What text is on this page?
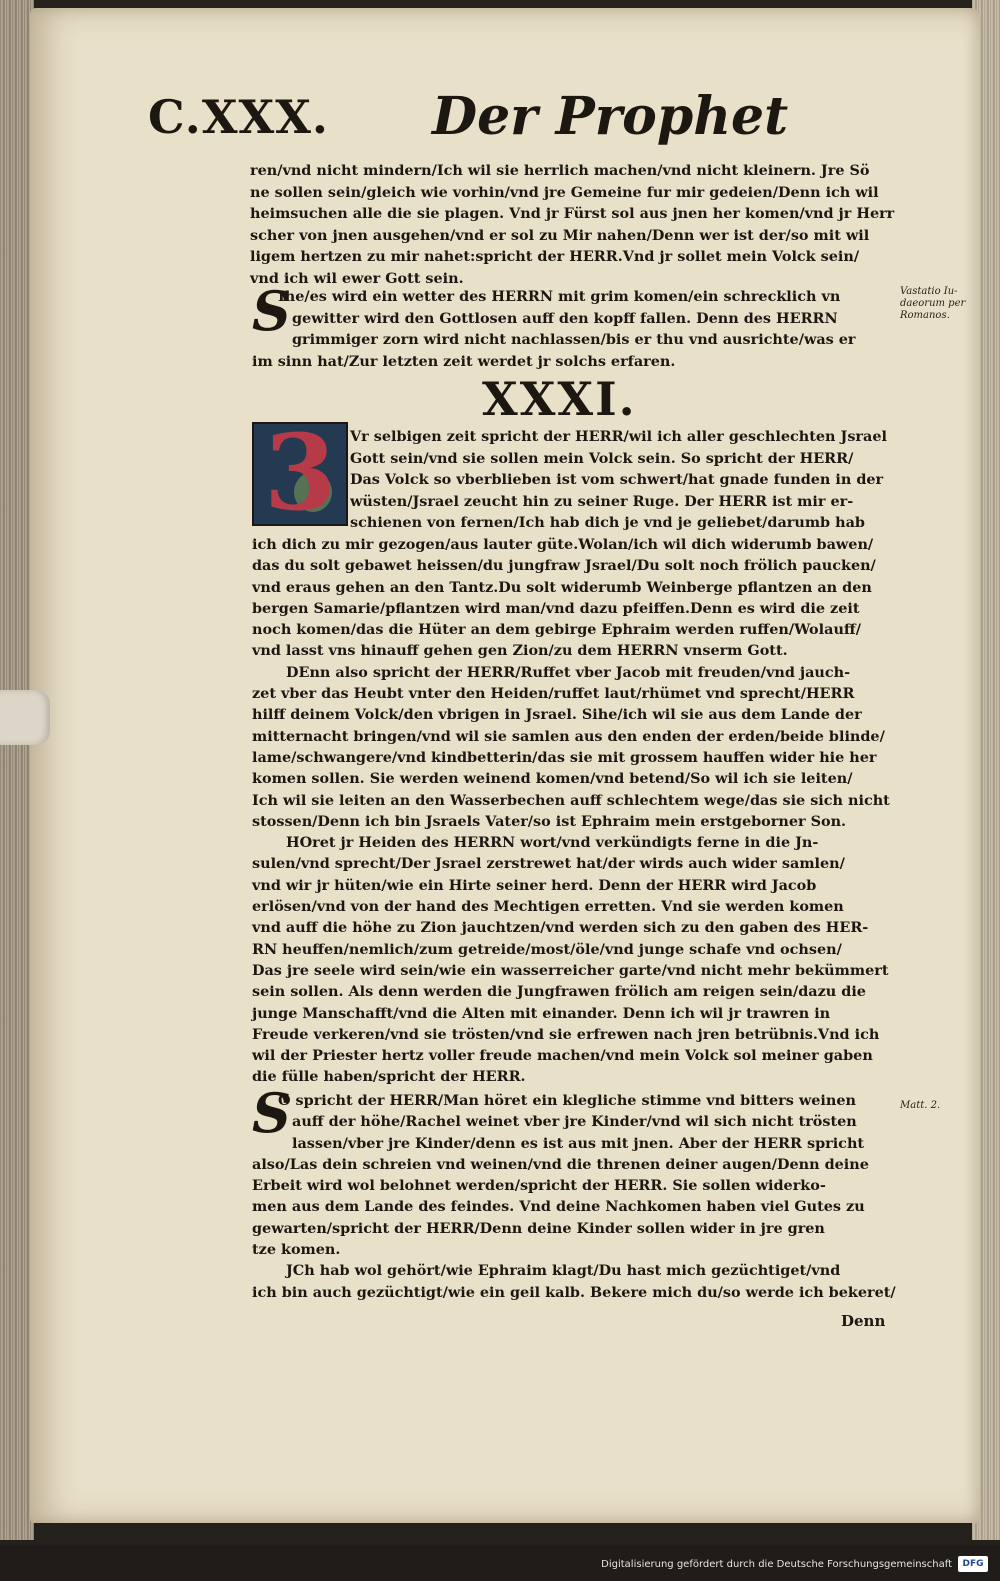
C.XXX. Der Prophet

ren/vnd nicht mindern/Ich wil sie herrlich machen/vnd nicht kleinern. Jre Sö

ne sollen sein/gleich wie vorhin/vnd jre Gemeine fur mir gedeien/Denn ich wil

heimsuchen alle die sie plagen. Vnd jr Fürst sol aus jnen her komen/vnd jr Herr

scher von jnen ausgehen/vnd er sol zu Mir nahen/Denn wer ist der/so mit wil

ligem hertzen zu mir nahet:spricht der HERR.Vnd jr sollet mein Volck sein/

vnd ich wil ewer Gott sein.

S

Ihe/es wird ein wetter des HERRN mit grim komen/ein schrecklich vn

gewitter wird den Gottlosen auff den kopff fallen. Denn des HERRN

grimmiger zorn wird nicht nachlassen/bis er thu vnd ausrichte/was er

im sinn hat/Zur letzten zeit werdet jr solchs erfaren.

Vastatio Iu-
daeorum per
Romanos.
XXXI.
3 Vr selbigen zeit spricht der HERR/wil ich aller geschlechten Jsrael

Gott sein/vnd sie sollen mein Volck sein. So spricht der HERR/

Das Volck so vberblieben ist vom schwert/hat gnade funden in der

wüsten/Jsrael zeucht hin zu seiner Ruge. Der HERR ist mir er-

schienen von fernen/Ich hab dich je vnd je geliebet/darumb hab

ich dich zu mir gezogen/aus lauter güte.Wolan/ich wil dich widerumb bawen/

das du solt gebawet heissen/du jungfraw Jsrael/Du solt noch frölich paucken/

vnd eraus gehen an den Tantz.Du solt widerumb Weinberge pflantzen an den

bergen Samarie/pflantzen wird man/vnd dazu pfeiffen.Denn es wird die zeit

noch komen/das die Hüter an dem gebirge Ephraim werden ruffen/Wolauff/

vnd lasst vns hinauff gehen gen Zion/zu dem HERRN vnserm Gott.

DEnn also spricht der HERR/Ruffet vber Jacob mit freuden/vnd jauch-

zet vber das Heubt vnter den Heiden/ruffet laut/rhümet vnd sprecht/HERR

hilff deinem Volck/den vbrigen in Jsrael. Sihe/ich wil sie aus dem Lande der

mitternacht bringen/vnd wil sie samlen aus den enden der erden/beide blinde/

lame/schwangere/vnd kindbetterin/das sie mit grossem hauffen wider hie her

komen sollen. Sie werden weinend komen/vnd betend/So wil ich sie leiten/

Ich wil sie leiten an den Wasserbechen auff schlechtem wege/das sie sich nicht

stossen/Denn ich bin Jsraels Vater/so ist Ephraim mein erstgeborner Son.

HOret jr Heiden des HERRN wort/vnd verkündigts ferne in die Jn-

sulen/vnd sprecht/Der Jsrael zerstrewet hat/der wirds auch wider samlen/

vnd wir jr hüten/wie ein Hirte seiner herd. Denn der HERR wird Jacob

erlösen/vnd von der hand des Mechtigen erretten. Vnd sie werden komen

vnd auff die höhe zu Zion jauchtzen/vnd werden sich zu den gaben des HER-

RN heuffen/nemlich/zum getreide/most/öle/vnd junge schafe vnd ochsen/

Das jre seele wird sein/wie ein wasserreicher garte/vnd nicht mehr bekümmert

sein sollen. Als denn werden die Jungfrawen frölich am reigen sein/dazu die

junge Manschafft/vnd die Alten mit einander. Denn ich wil jr trawren in

Freude verkeren/vnd sie trösten/vnd sie erfrewen nach jren betrübnis.Vnd ich

wil der Priester hertz voller freude machen/vnd mein Volck sol meiner gaben

die fülle haben/spricht der HERR.

S

O spricht der HERR/Man höret ein klegliche stimme vnd bitters weinen

auff der höhe/Rachel weinet vber jre Kinder/vnd wil sich nicht trösten

lassen/vber jre Kinder/denn es ist aus mit jnen. Aber der HERR spricht

also/Las dein schreien vnd weinen/vnd die threnen deiner augen/Denn deine

Erbeit wird wol belohnet werden/spricht der HERR. Sie sollen widerko-

men aus dem Lande des feindes. Vnd deine Nachkomen haben viel Gutes zu

gewarten/spricht der HERR/Denn deine Kinder sollen wider in jre gren

tze komen.

JCh hab wol gehört/wie Ephraim klagt/Du hast mich gezüchtiget/vnd

ich bin auch gezüchtigt/wie ein geil kalb. Bekere mich du/so werde ich bekeret/

Matt. 2.
Denn
Digitalisierung gefördert durch die Deutsche Forschungsgemeinschaft	DFG
